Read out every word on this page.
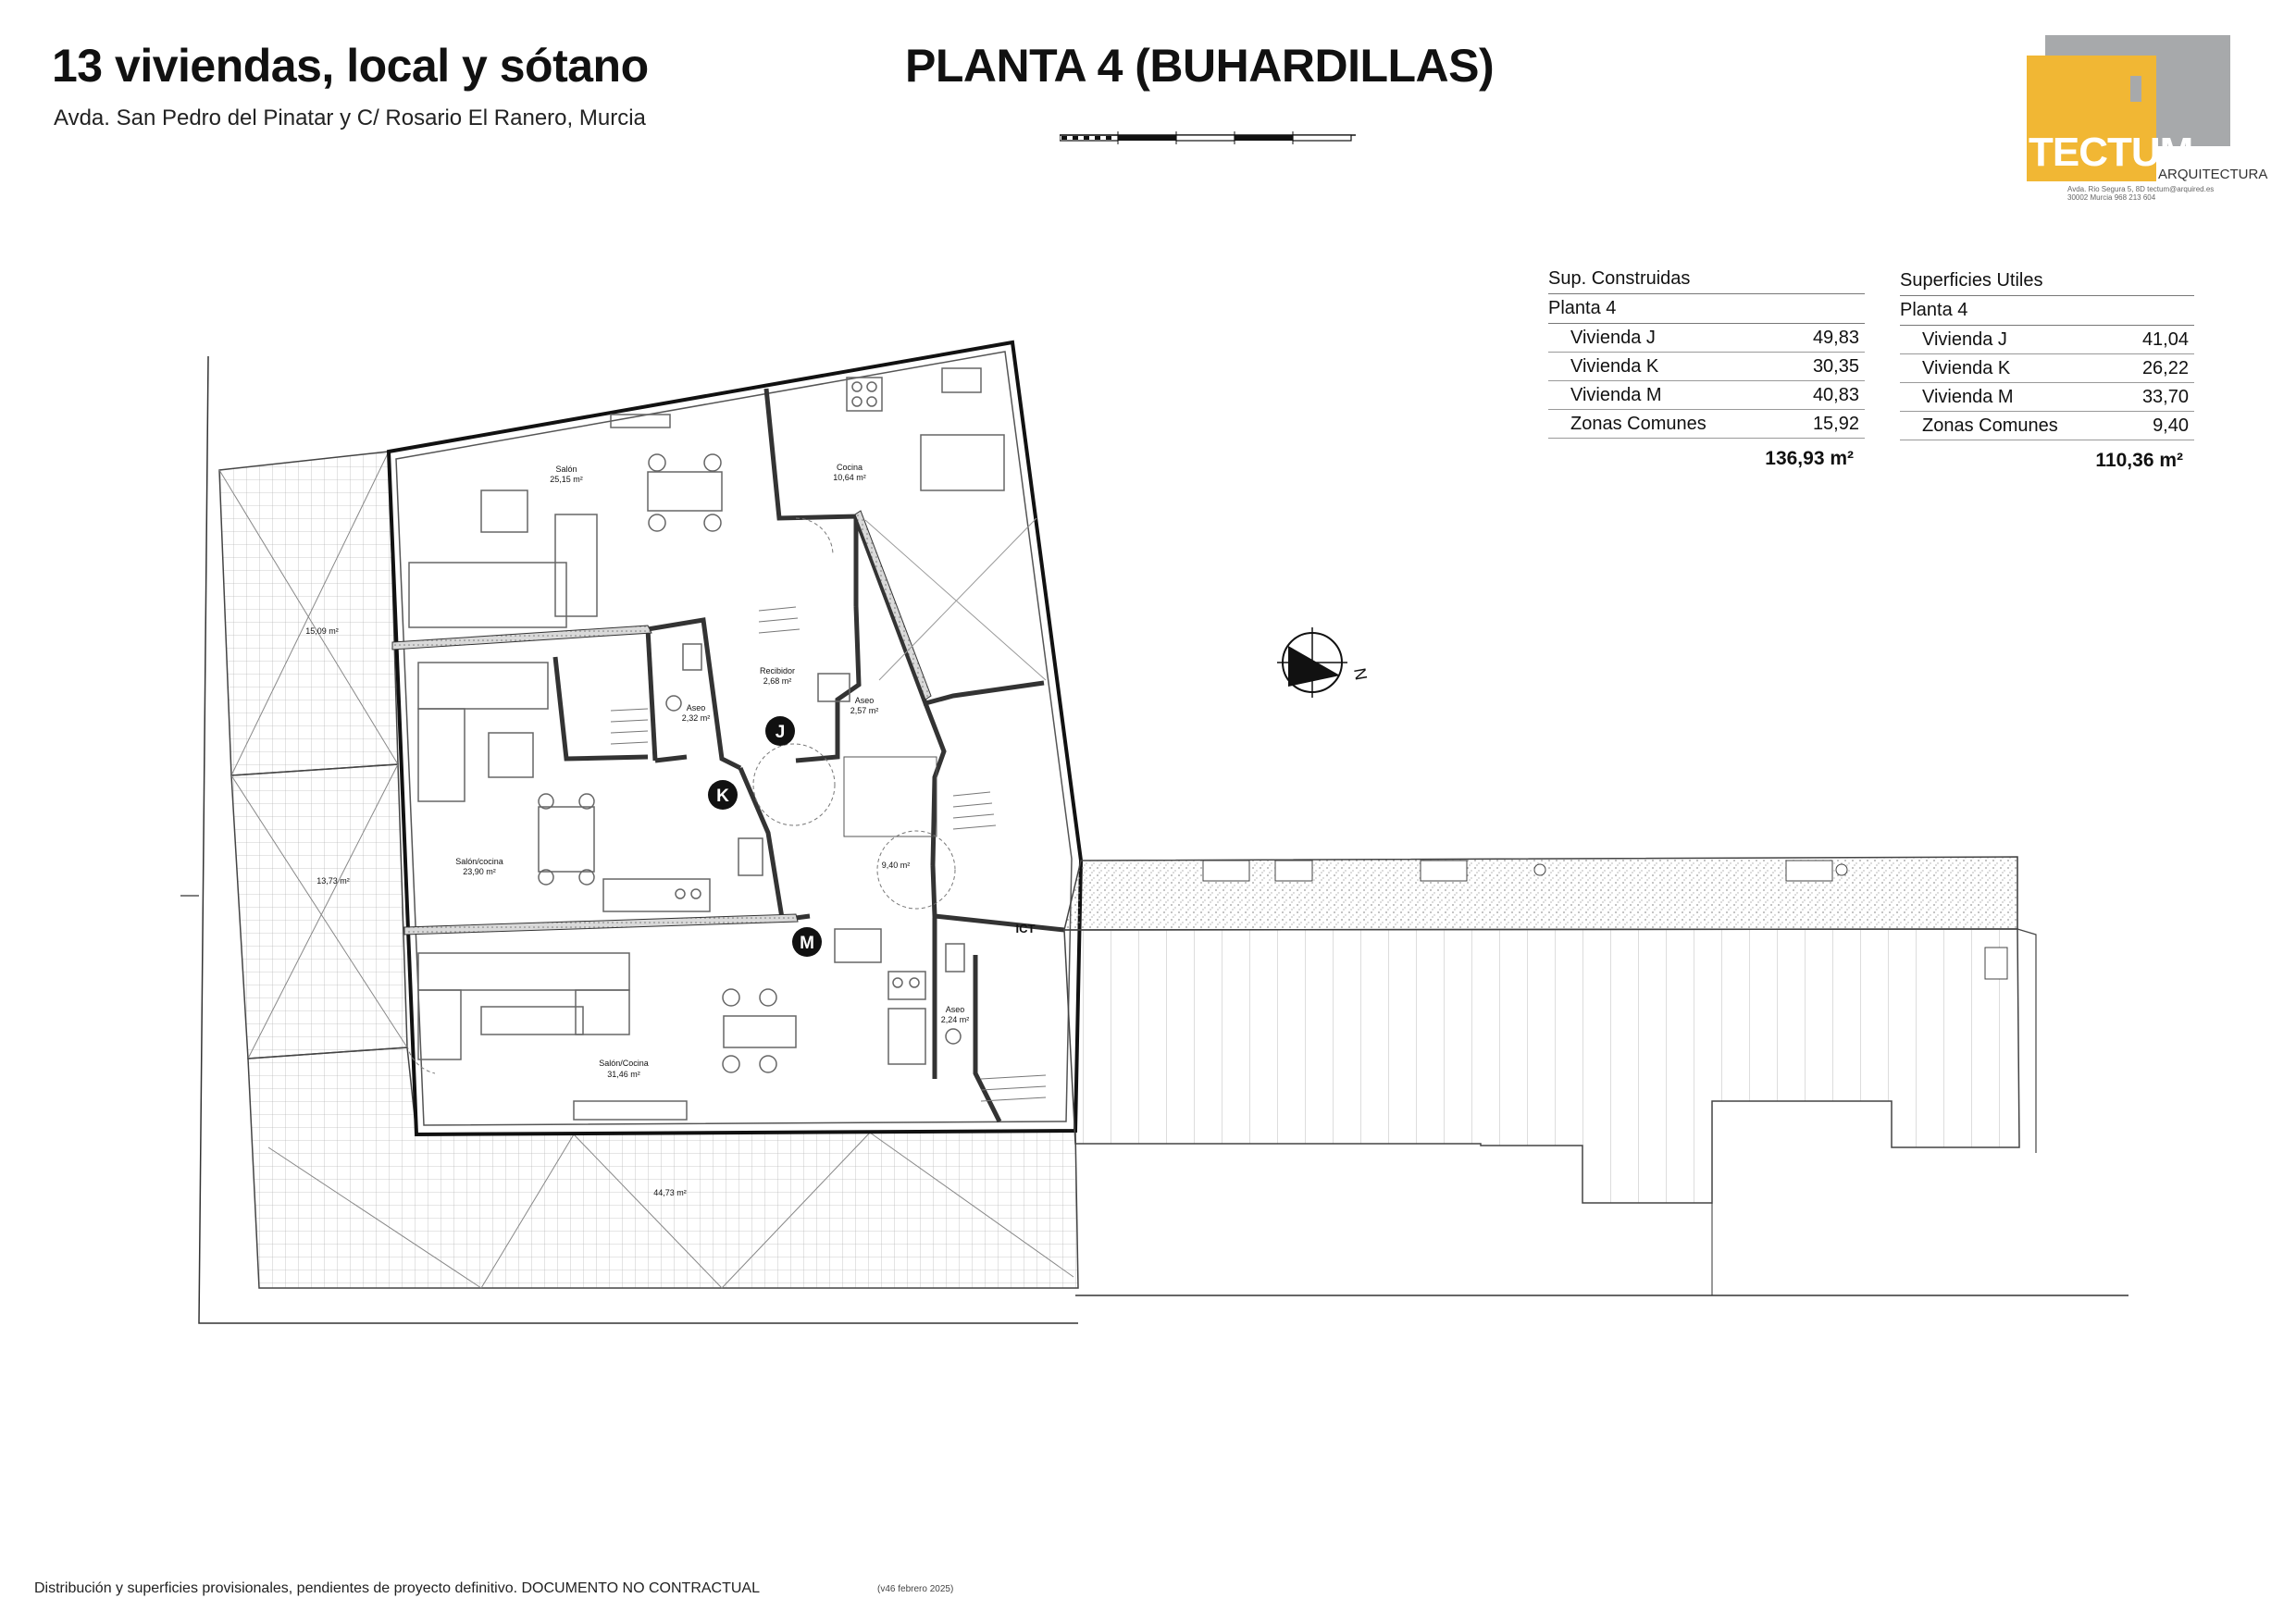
13 viviendas, local y sótano
Avda. San Pedro del Pinatar y C/ Rosario El Ranero, Murcia
PLANTA 4 (BUHARDILLAS)
TECTUM
ARQUITECTURA
Avda. Rio Segura 5, 8D tectum@arquired.es
30002 Murcia 968 213 604
Sup. Construidas
Planta 4
Vivienda J	49,83
Vivienda K	30,35
Vivienda M	40,83
Zonas Comunes	15,92
136,93 m²
Superficies Utiles
Planta 4
Vivienda J	41,04
Vivienda K	26,22
Vivienda M	33,70
Zonas Comunes	9,40
110,36 m²
N
Salón
25,15 m²
Cocina
10,64 m²
Recibidor
2,68 m²
Aseo
2,57 m²
Aseo
2,32 m²
Salón/cocina
23,90 m²
Salón/Cocina
31,46 m²
Aseo
2,24 m²
9,40 m²
ICT
15,09 m²
13,73 m²
44,73 m²
J
K
M
Distribución y superficies provisionales, pendientes de proyecto definitivo. DOCUMENTO NO CONTRACTUAL	(v46 febrero 2025)
